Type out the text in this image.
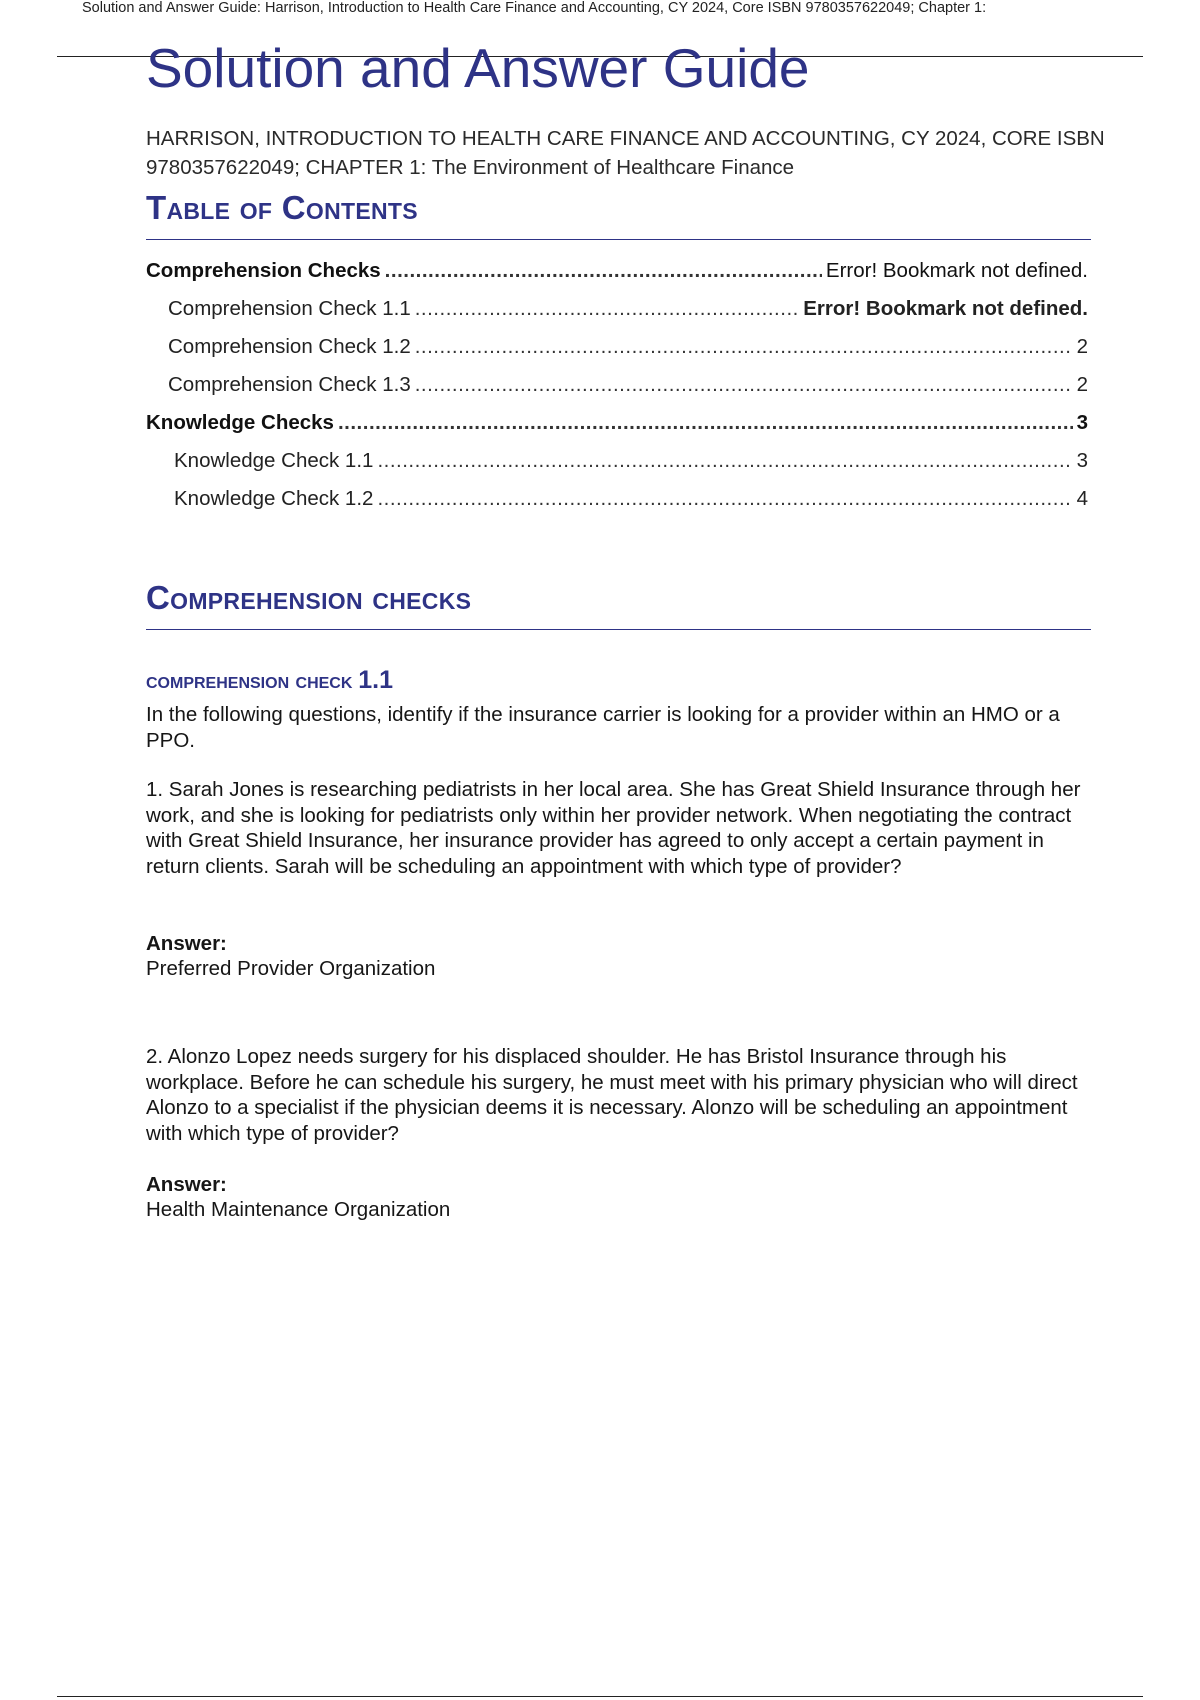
Solution and Answer Guide: Harrison, Introduction to Health Care Finance and Accounting, CY 2024, Core ISBN 9780357622049; Chapter 1:
Solution and Answer Guide
HARRISON, INTRODUCTION TO HEALTH CARE FINANCE AND ACCOUNTING, CY 2024, CORE ISBN
9780357622049; CHAPTER 1: The Environment of Healthcare Finance
Table of Contents
Comprehension Checks .....	Error! Bookmark not defined.
Comprehension Check 1.1 .....	Error! Bookmark not defined.
Comprehension Check 1.2 .....	2
Comprehension Check 1.3 .....	2
Knowledge Checks .....	3
Knowledge Check 1.1 .....	3
Knowledge Check 1.2 .....	4
Comprehension checks
comprehension check 1.1
In the following questions, identify if the insurance carrier is looking for a provider within an HMO or a PPO.
1. Sarah Jones is researching pediatrists in her local area. She has Great Shield Insurance through her work, and she is looking for pediatrists only within her provider network. When negotiating the contract with Great Shield Insurance, her insurance provider has agreed to only accept a certain payment in return clients. Sarah will be scheduling an appointment with which type of provider?
Answer:
Preferred Provider Organization
2. Alonzo Lopez needs surgery for his displaced shoulder. He has Bristol Insurance through his workplace. Before he can schedule his surgery, he must meet with his primary physician who will direct Alonzo to a specialist if the physician deems it is necessary. Alonzo will be scheduling an appointment with which type of provider?
Answer:
Health Maintenance Organization
